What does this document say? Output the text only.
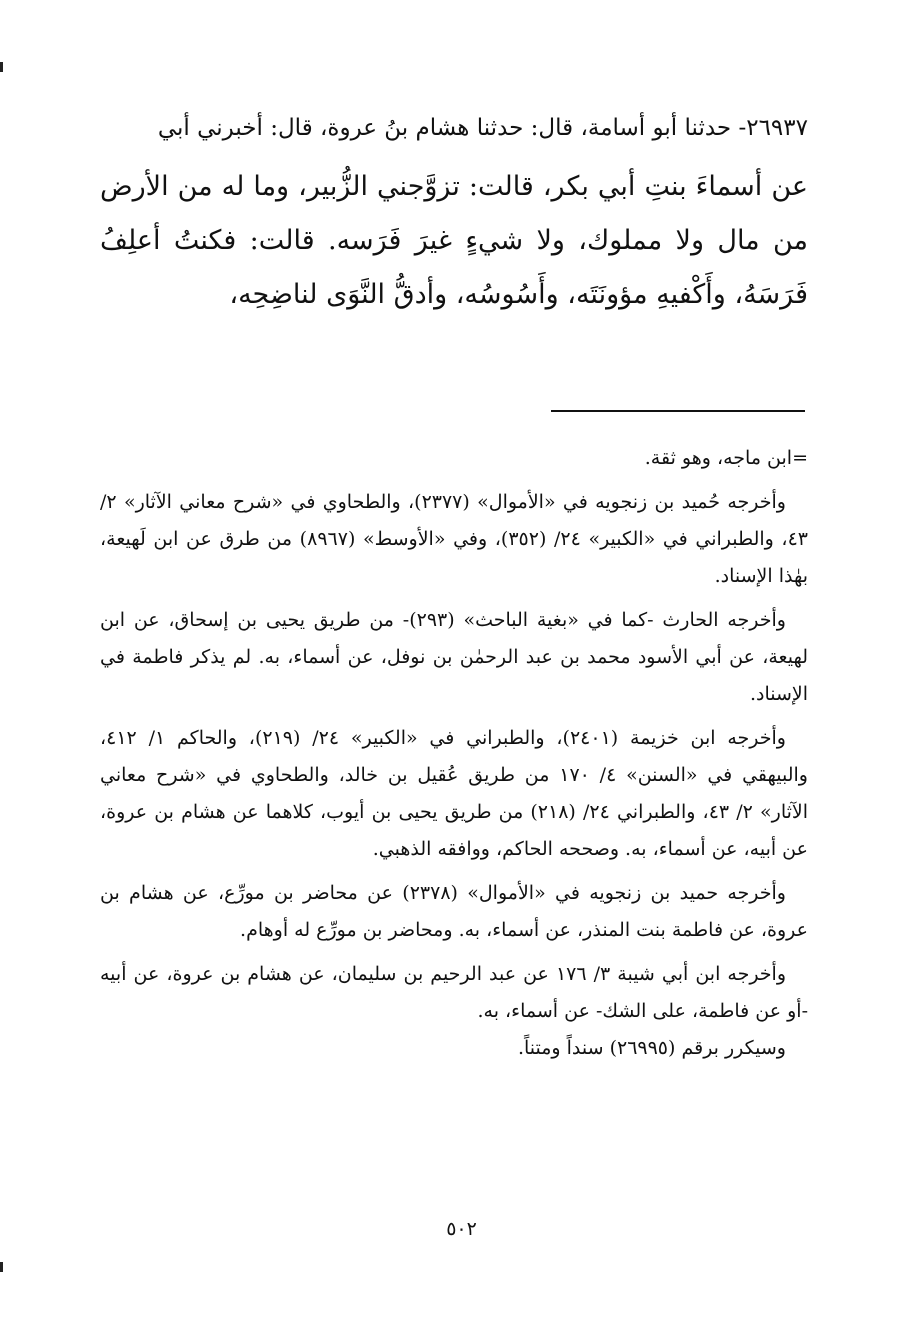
٢٦٩٣٧- حدثنا أبو أسامة، قال: حدثنا هشام بنُ عروة، قال: أخبرني أبي

عن أسماءَ بنتِ أبي بكر، قالت: تزوَّجني الزُّبير، وما له من الأرض من مال ولا مملوك، ولا شيءٍ غيرَ فَرَسه. قالت: فكنتُ أعلِفُ فَرَسَهُ، وأَكْفيهِ مؤونَتَه، وأَسُوسُه، وأدقُّ النَّوَى لناضِحِه،

=ابن ماجه، وهو ثقة.

وأخرجه حُميد بن زنجويه في «الأموال» (٢٣٧٧)، والطحاوي في «شرح معاني الآثار» ٢/ ٤٣، والطبراني في «الكبير» ٢٤/ (٣٥٢)، وفي «الأوسط» (٨٩٦٧) من طرق عن ابن لَهيعة، بهٰذا الإسناد.

وأخرجه الحارث -كما في «بغية الباحث» (٢٩٣)- من طريق يحيى بن إسحاق، عن ابن لهيعة، عن أبي الأسود محمد بن عبد الرحمٰن بن نوفل، عن أسماء، به. لم يذكر فاطمة في الإسناد.

وأخرجه ابن خزيمة (٢٤٠١)، والطبراني في «الكبير» ٢٤/ (٢١٩)، والحاكم ١/ ٤١٢، والبيهقي في «السنن» ٤/ ١٧٠ من طريق عُقيل بن خالد، والطحاوي في «شرح معاني الآثار» ٢/ ٤٣، والطبراني ٢٤/ (٢١٨) من طريق يحيى بن أيوب، كلاهما عن هشام بن عروة، عن أبيه، عن أسماء، به. وصححه الحاكم، ووافقه الذهبي.

وأخرجه حميد بن زنجويه في «الأموال» (٢٣٧٨) عن محاضر بن مورِّع، عن هشام بن عروة، عن فاطمة بنت المنذر، عن أسماء، به. ومحاضر بن مورِّع له أوهام.

وأخرجه ابن أبي شيبة ٣/ ١٧٦ عن عبد الرحيم بن سليمان، عن هشام بن عروة، عن أبيه -أو عن فاطمة، على الشك- عن أسماء، به.

وسيكرر برقم (٢٦٩٩٥) سنداً ومتناً.

٥٠٢
